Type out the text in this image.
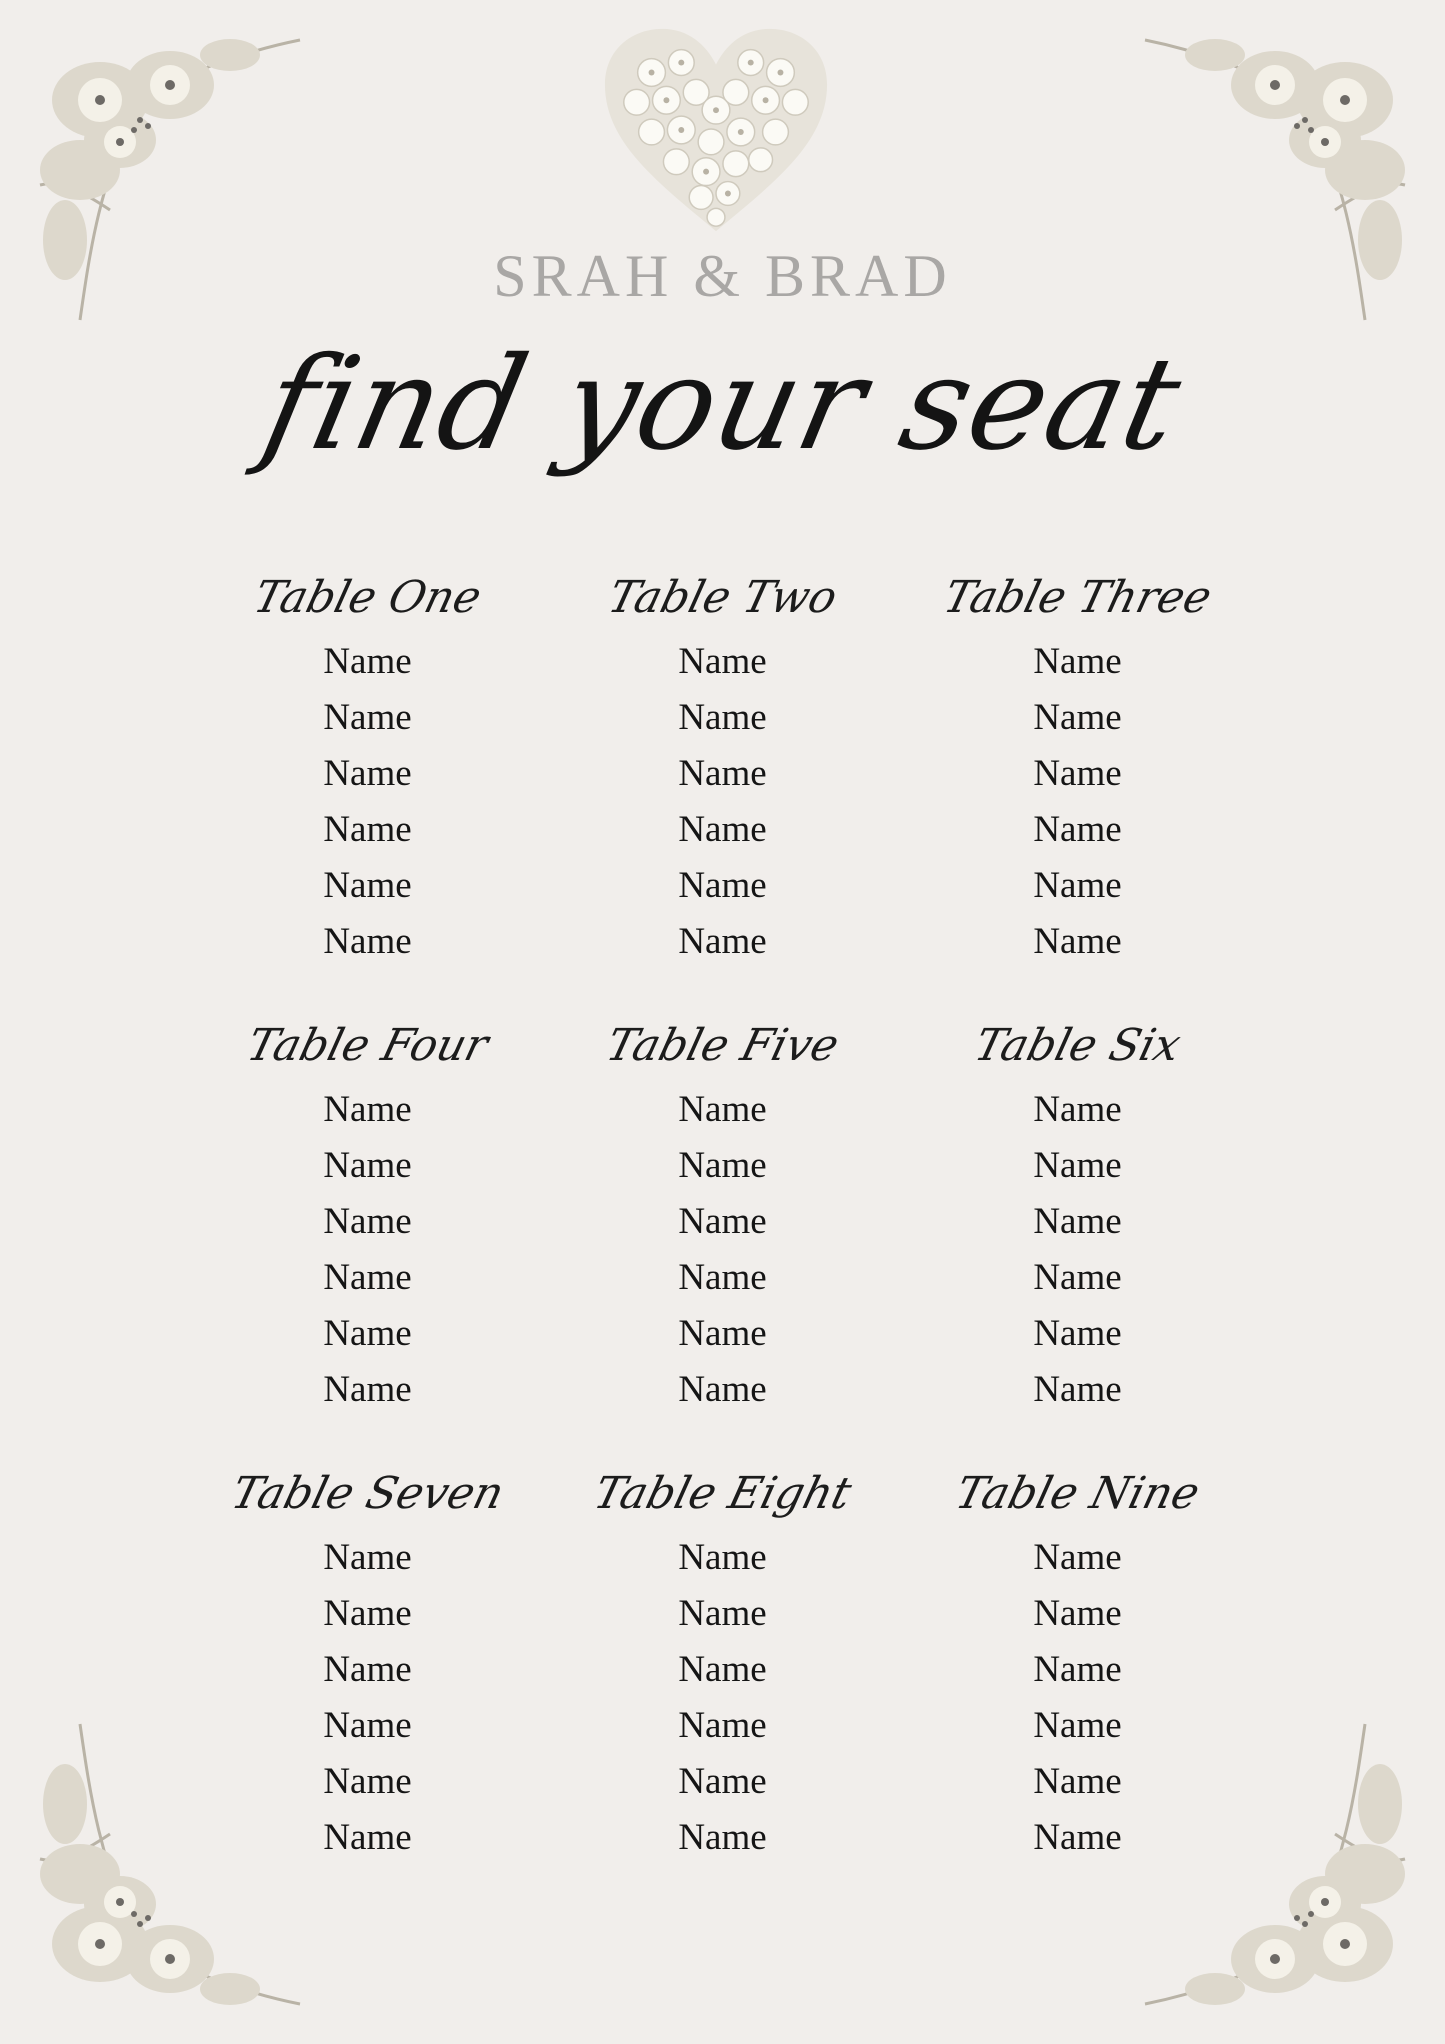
SRAH & BRAD
find your seat
Table One
Name
Name
Name
Name
Name
Name
Table Two
Name
Name
Name
Name
Name
Name
Table Three
Name
Name
Name
Name
Name
Name
Table Four
Name
Name
Name
Name
Name
Name
Table Five
Name
Name
Name
Name
Name
Name
Table Six
Name
Name
Name
Name
Name
Name
Table Seven
Name
Name
Name
Name
Name
Name
Table Eight
Name
Name
Name
Name
Name
Name
Table Nine
Name
Name
Name
Name
Name
Name
